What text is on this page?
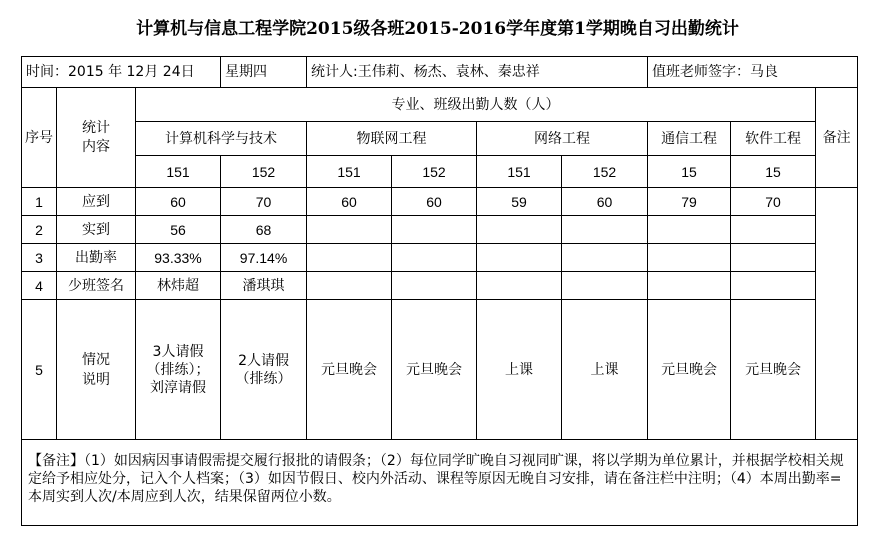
计算机与信息工程学院2015级各班2015-2016学年度第1学期晚自习出勤统计
时间：2015 年 12月 24日			星期四	统计人:王伟莉、杨杰、袁林、秦忠祥				值班老师签字：马良		
序号	统计内容	专业、班级出勤人数（人）								备注
		计算机科学与技术		物联网工程		网络工程		通信工程	软件工程	
		151	152	151	152	151	152	15	15	
1	应到	60	70	60	60	59	60	79	70	
2	实到	56	68							
3	出勤率	93.33%	97.14%							
4	少班签名	林炜超	潘琪琪							
5	情况说明	3人请假（排练）；刘淳请假	2人请假（排练）	元旦晚会	元旦晚会	上课	上课	元旦晚会	元旦晚会	
【备注】（1）如因病因事请假需提交履行报批的请假条；（2）每位同学旷晚自习视同旷课，将以学期为单位累计，并根据学校相关规定给予相应处分，记入个人档案；（3）如因节假日、校内外活动、课程等原因无晚自习安排，请在备注栏中注明；（4）本周出勤率=本周实到人次/本周应到人次，结果保留两位小数。										
